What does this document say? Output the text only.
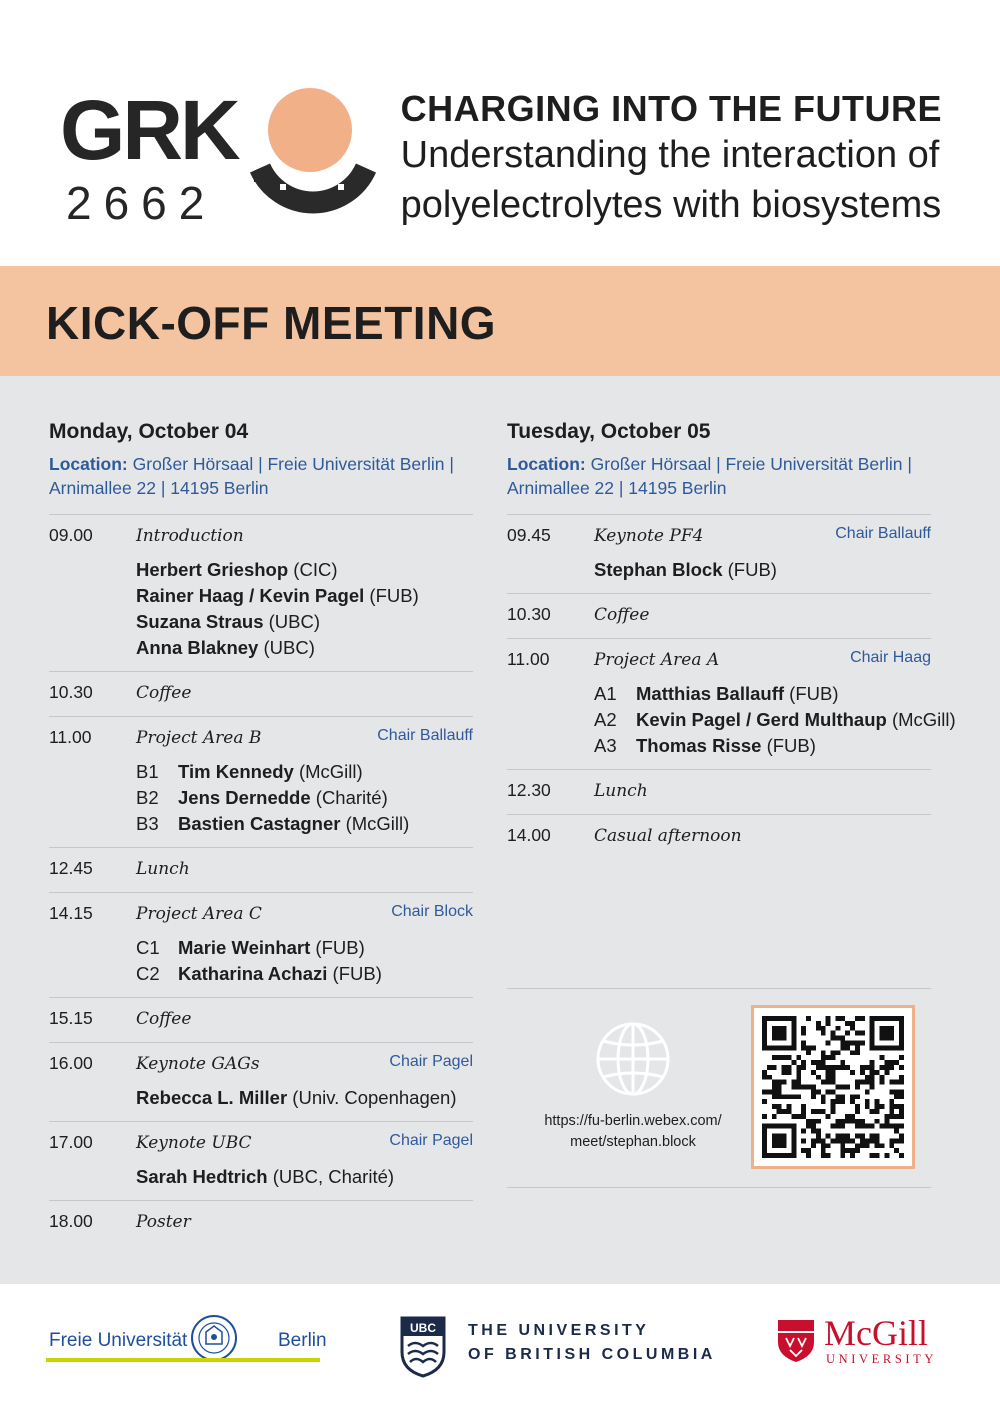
GRK
2662
CHARGING INTO THE FUTURE
Understanding the interaction of
polyelectrolytes with biosystems
KICK-OFF MEETING
Monday, October 04
Location: Großer Hörsaal | Freie Universität Berlin |
Arnimallee 22 | 14195 Berlin
09.00	Introduction
Herbert Grieshop (CIC)
Rainer Haag / Kevin Pagel (FUB)
Suzana Straus (UBC)
Anna Blakney (UBC)
10.30	Coffee
11.00	Project Area B	Chair Ballauff
B1 Tim Kennedy (McGill)
B2 Jens Dernedde (Charité)
B3 Bastien Castagner (McGill)
12.45	Lunch
14.15	Project Area C	Chair Block
C1 Marie Weinhart (FUB)
C2 Katharina Achazi (FUB)
15.15	Coffee
16.00	Keynote GAGs	Chair Pagel
Rebecca L. Miller (Univ. Copenhagen)
17.00	Keynote UBC	Chair Pagel
Sarah Hedtrich (UBC, Charité)
18.00	Poster
Tuesday, October 05
Location: Großer Hörsaal | Freie Universität Berlin |
Arnimallee 22 | 14195 Berlin
09.45	Keynote PF4	Chair Ballauff
Stephan Block (FUB)
10.30	Coffee
11.00	Project Area A	Chair Haag
A1 Matthias Ballauff (FUB)
A2 Kevin Pagel / Gerd Multhaup (McGill)
A3 Thomas Risse (FUB)
12.30	Lunch
14.00	Casual afternoon
https://fu-berlin.webex.com/
meet/stephan.block
Freie Universität	Berlin
UBC THE UNIVERSITY
OF BRITISH COLUMBIA
McGill
UNIVERSITY
